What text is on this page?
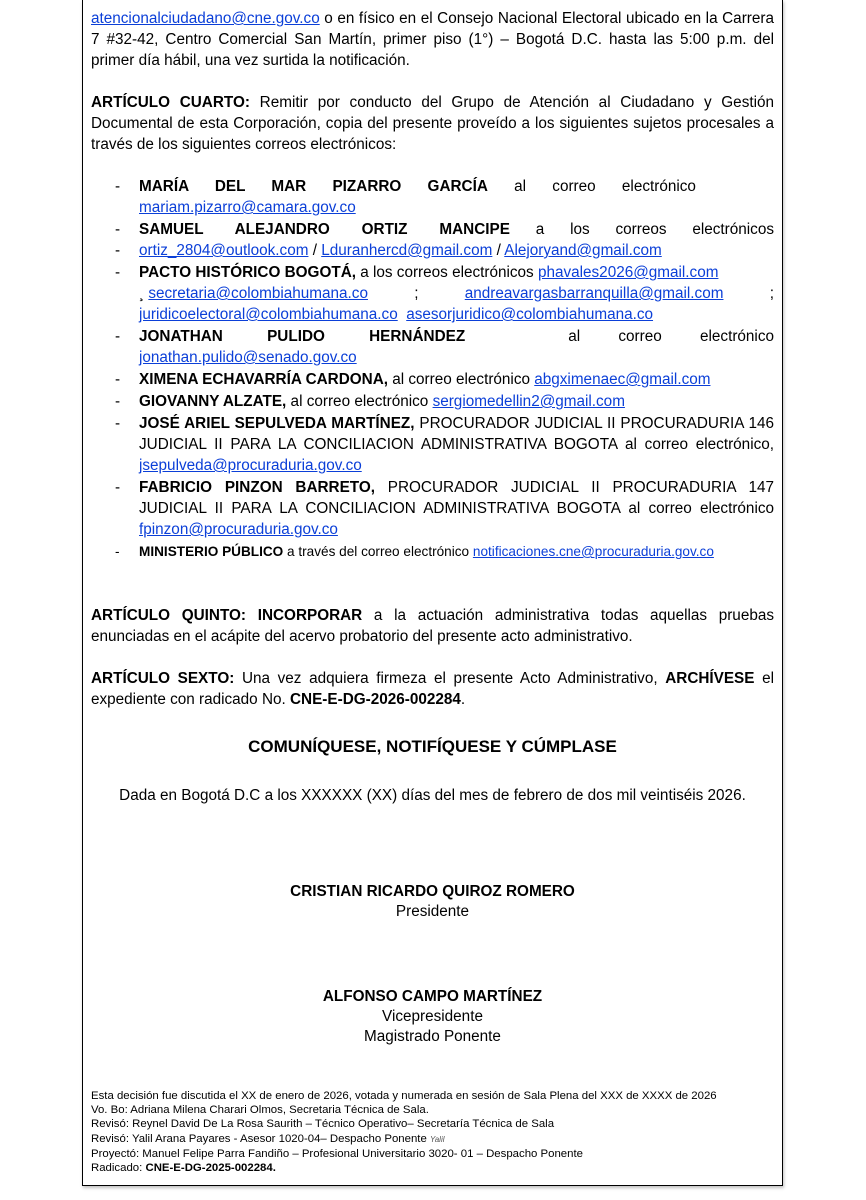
atencionalciudadano@cne.gov.co o en físico en el Consejo Nacional Electoral ubicado en la Carrera 7 #32-42, Centro Comercial San Martín, primer piso (1°) – Bogotá D.C. hasta las 5:00 p.m. del primer día hábil, una vez surtida la notificación.

ARTÍCULO CUARTO: Remitir por conducto del Grupo de Atención al Ciudadano y Gestión Documental de esta Corporación, copia del presente proveído a los siguientes sujetos procesales a través de los siguientes correos electrónicos:

- MARÍA DEL MAR PIZARRO GARCÍA al correo electrónico
mariam.pizarro@camara.gov.co
- SAMUEL ALEJANDRO ORTIZ MANCIPE a los correos electrónicos
- ortiz_2804@outlook.com / Lduranhercd@gmail.com / Alejoryand@gmail.com
- PACTO HISTÓRICO BOGOTÁ, a los correos electrónicos phavales2026@gmail.com

¸ secretaria@colombiahumana.co	;	andreavargasbarranquilla@gmail.com	;
juridicoelectoral@colombiahumana.co asesorjuridico@colombiahumana.co
- JONATHAN PULIDO HERNÁNDEZ	al correo electrónico
jonathan.pulido@senado.gov.co
- XIMENA ECHAVARRÍA CARDONA, al correo electrónico abgximenaec@gmail.com
- GIOVANNY ALZATE, al correo electrónico sergiomedellin2@gmail.com
- JOSÉ ARIEL SEPULVEDA MARTÍNEZ, PROCURADOR JUDICIAL II PROCURADURIA 146 JUDICIAL II PARA LA CONCILIACION ADMINISTRATIVA BOGOTA al correo electrónico, jsepulveda@procuraduria.gov.co
- FABRICIO PINZON BARRETO, PROCURADOR JUDICIAL II PROCURADURIA 147 JUDICIAL II PARA LA CONCILIACION ADMINISTRATIVA BOGOTA al correo electrónico fpinzon@procuraduria.gov.co
- MINISTERIO PÚBLICO a través del correo electrónico notificaciones.cne@procuraduria.gov.co

ARTÍCULO QUINTO: INCORPORAR a la actuación administrativa todas aquellas pruebas enunciadas en el acápite del acervo probatorio del presente acto administrativo.

ARTÍCULO SEXTO: Una vez adquiera firmeza el presente Acto Administrativo, ARCHÍVESE el expediente con radicado No. CNE-E-DG-2026-002284.

COMUNÍQUESE, NOTIFÍQUESE Y CÚMPLASE

Dada en Bogotá D.C a los XXXXXX (XX) días del mes de febrero de dos mil veintiséis 2026.

CRISTIAN RICARDO QUIROZ ROMERO
Presidente
ALFONSO CAMPO MARTÍNEZ
Vicepresidente
Magistrado Ponente
Esta decisión fue discutida el XX de enero de 2026, votada y numerada en sesión de Sala Plena del XXX de XXXX de 2026
Vo. Bo: Adriana Milena Charari Olmos, Secretaria Técnica de Sala.
Revisó: Reynel David De La Rosa Saurith – Técnico Operativo– Secretaría Técnica de Sala
Revisó: Yalil Arana Payares - Asesor 1020-04– Despacho Ponente Yalil
Proyectó: Manuel Felipe Parra Fandiño – Profesional Universitario 3020- 01 – Despacho Ponente
Radicado: CNE-E-DG-2025-002284.
